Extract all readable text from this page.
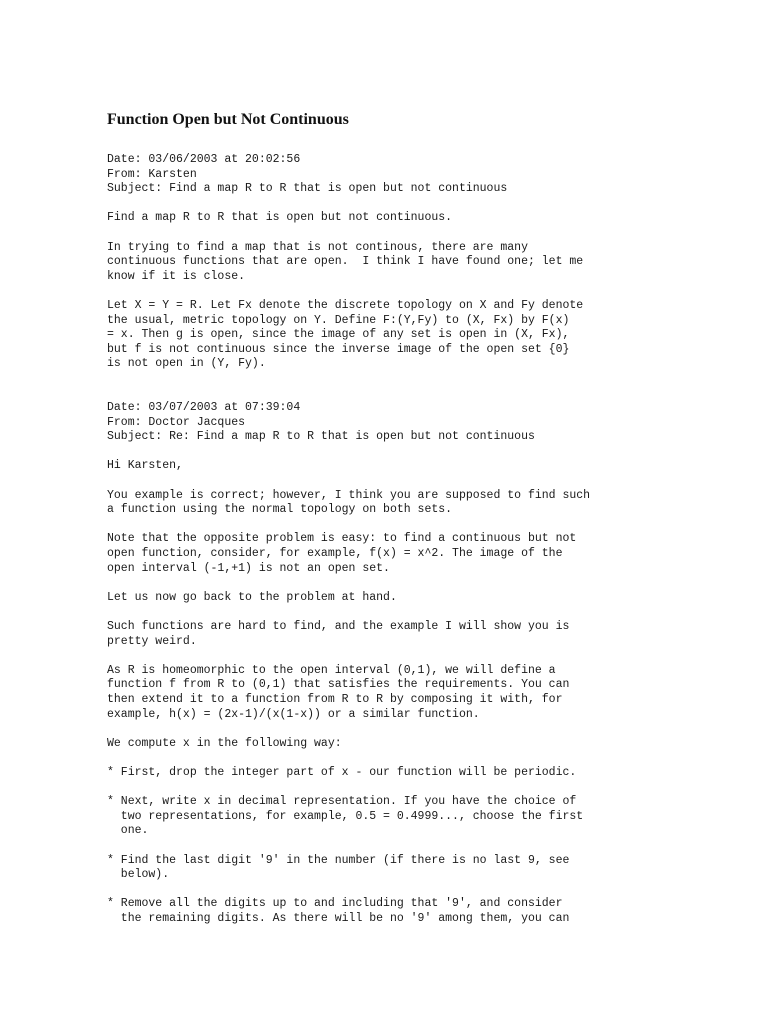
Function Open but Not Continuous
Date: 03/06/2003 at 20:02:56
From: Karsten
Subject: Find a map R to R that is open but not continuous

Find a map R to R that is open but not continuous.

In trying to find a map that is not continous, there are many
continuous functions that are open.  I think I have found one; let me
know if it is close.

Let X = Y = R. Let Fx denote the discrete topology on X and Fy denote
the usual, metric topology on Y. Define F:(Y,Fy) to (X, Fx) by F(x)
= x. Then g is open, since the image of any set is open in (X, Fx),
but f is not continuous since the inverse image of the open set {0}
is not open in (Y, Fy).

Date: 03/07/2003 at 07:39:04
From: Doctor Jacques
Subject: Re: Find a map R to R that is open but not continuous

Hi Karsten,

You example is correct; however, I think you are supposed to find such
a function using the normal topology on both sets.

Note that the opposite problem is easy: to find a continuous but not
open function, consider, for example, f(x) = x^2. The image of the
open interval (-1,+1) is not an open set.

Let us now go back to the problem at hand.

Such functions are hard to find, and the example I will show you is
pretty weird.

As R is homeomorphic to the open interval (0,1), we will define a
function f from R to (0,1) that satisfies the requirements. You can
then extend it to a function from R to R by composing it with, for
example, h(x) = (2x-1)/(x(1-x)) or a similar function.

We compute x in the following way:

* First, drop the integer part of x - our function will be periodic.

* Next, write x in decimal representation. If you have the choice of
two representations, for example, 0.5 = 0.4999..., choose the first
one.

* Find the last digit '9' in the number (if there is no last 9, see
below).

* Remove all the digits up to and including that '9', and consider
the remaining digits. As there will be no '9' among them, you can
